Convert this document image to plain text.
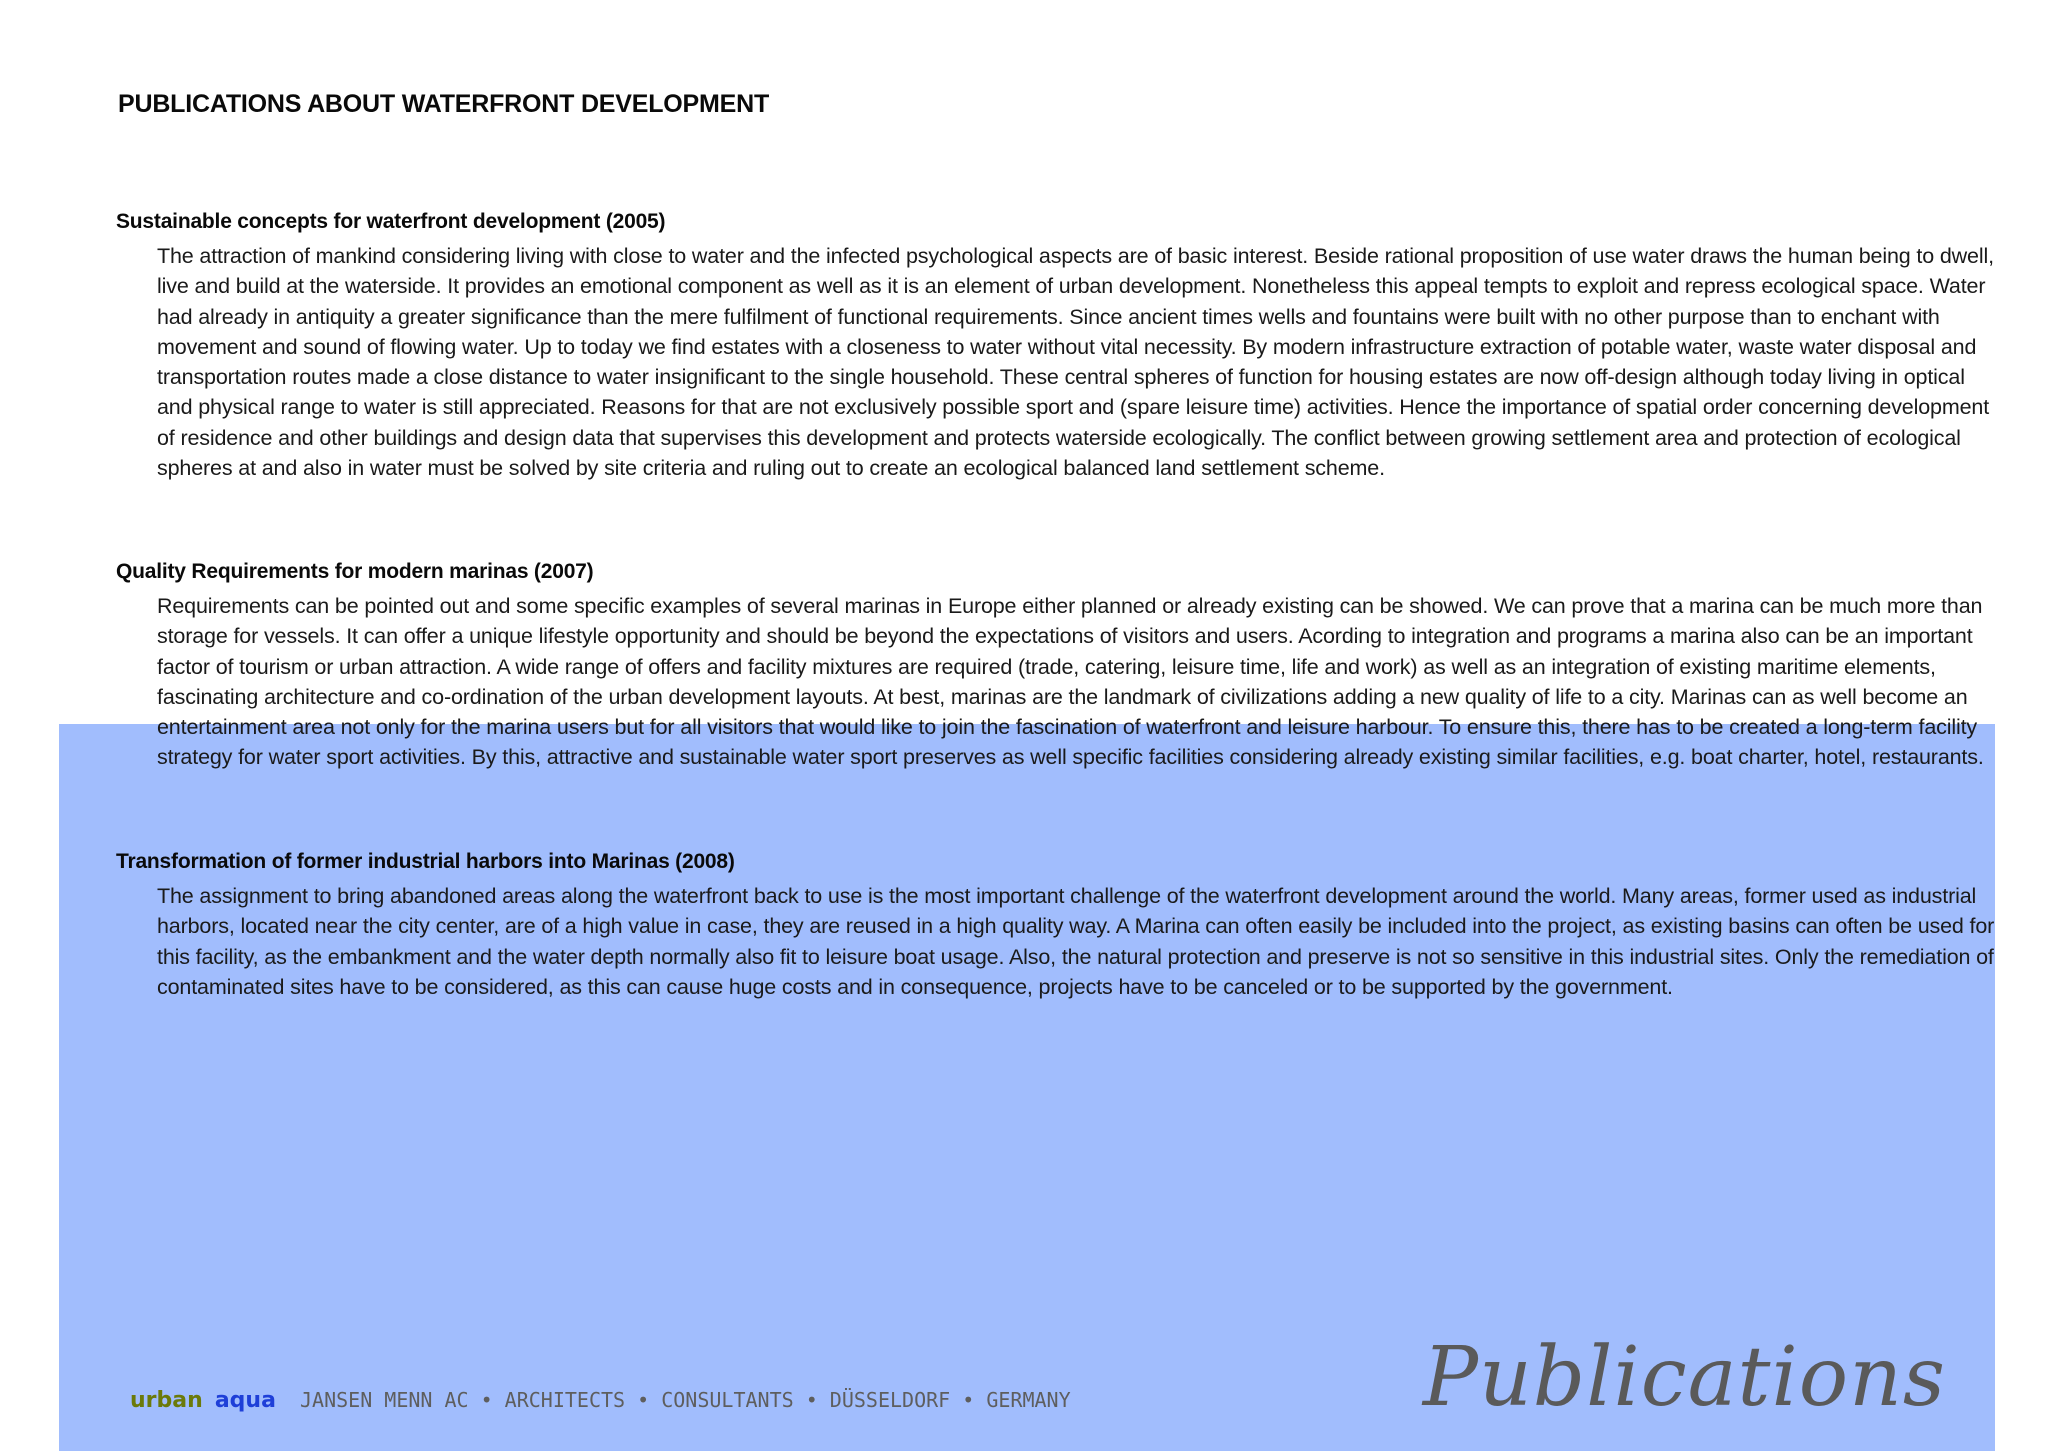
PUBLICATIONS ABOUT WATERFRONT DEVELOPMENT
Sustainable concepts for waterfront development (2005)

The attraction of mankind considering living with close to water and the infected psychological aspects are of basic interest. Beside rational proposition of use water draws the human being to dwell, live and build at the waterside. It provides an emotional component as well as it is an element of urban development. Nonetheless this appeal tempts to exploit and repress ecological space. Water had already in antiquity a greater significance than the mere fulfilment of functional requirements. Since ancient times wells and fountains were built with no other purpose than to enchant with movement and sound of flowing water. Up to today we find estates with a closeness to water without vital necessity. By modern infrastructure extraction of potable water, waste water disposal and transportation routes made a close distance to water insignificant to the single household. These central spheres of function for housing estates are now off-design although today living in optical and physical range to water is still appreciated. Reasons for that are not exclusively possible sport and (spare leisure time) activities. Hence the importance of spatial order concerning development of residence and other buildings and design data that supervises this development and protects waterside ecologically. The conflict between growing settlement area and protection of ecological spheres at and also in water must be solved by site criteria and ruling out to create an ecological balanced land settlement scheme.

Quality Requirements for modern marinas (2007)

Requirements can be pointed out and some specific examples of several marinas in Europe either planned or already existing can be showed. We can prove that a marina can be much more than storage for vessels. It can offer a unique lifestyle opportunity and should be beyond the expectations of visitors and users. Acording to integration and programs a marina also can be an important factor of tourism or urban attraction. A wide range of offers and facility mixtures are required (trade, catering, leisure time, life and work) as well as an integration of existing maritime elements, fascinating architecture and co-ordination of the urban development layouts. At best, marinas are the landmark of civilizations adding a new quality of life to a city. Marinas can as well become an entertainment area not only for the marina users but for all visitors that would like to join the fascination of waterfront and leisure harbour. To ensure this, there has to be created a long-term facility strategy for water sport activities. By this, attractive and sustainable water sport preserves as well specific facilities considering already existing similar facilities, e.g. boat charter, hotel, restaurants.

Transformation of former industrial harbors into Marinas (2008)

The assignment to bring abandoned areas along the waterfront back to use is the most important challenge of the waterfront development around the world. Many areas, former used as industrial harbors, located near the city center, are of a high value in case, they are reused in a high quality way. A Marina can often easily be included into the project, as existing basins can often be used for this facility, as the embankment and the water depth normally also fit to leisure boat usage. Also, the natural protection and preserve is not so sensitive in this industrial sites. Only the remediation of contaminated sites have to be considered, as this can cause huge costs and in consequence, projects have to be canceled or to be supported by the government.

urban aqua JANSEN MENN AC • ARCHITECTS • CONSULTANTS • DÜSSELDORF • GERMANY	Publications
